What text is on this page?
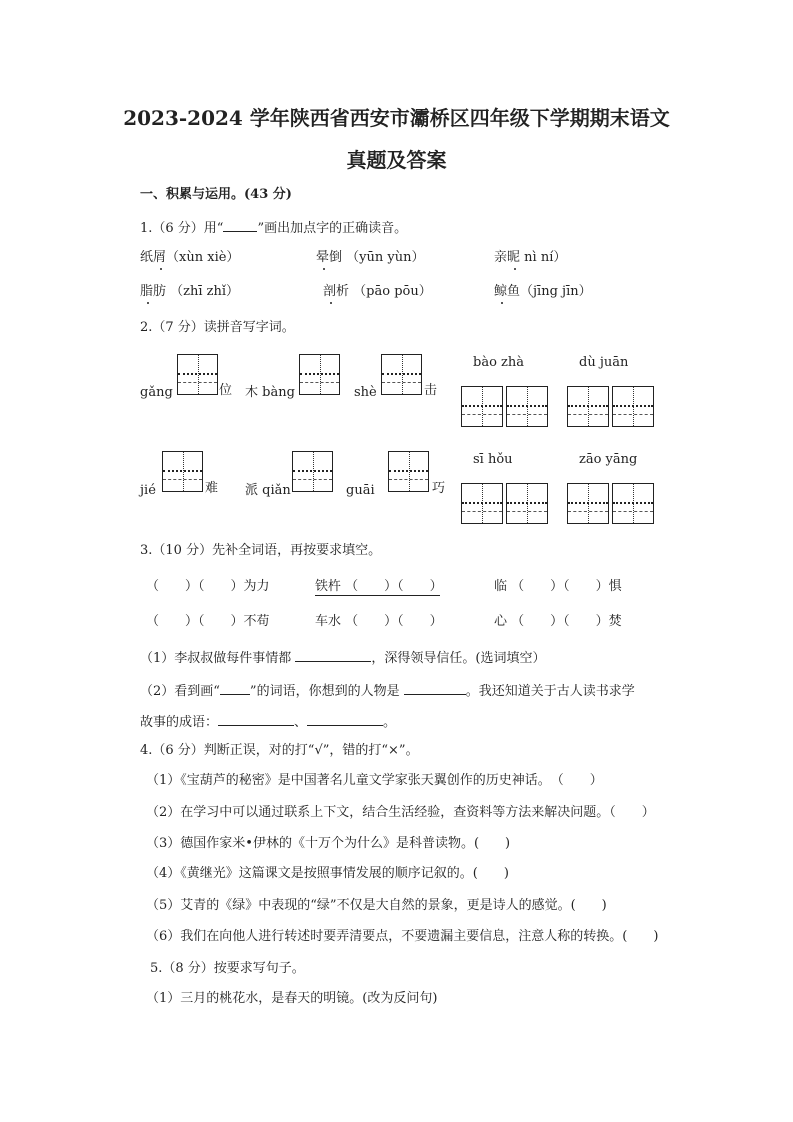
2023-2024 学年陕西省西安市灞桥区四年级下学期期末语文
真题及答案
一、积累与运用。(43 分)
1.（6 分）用“	”画出加点字的正确读音。
纸屑（xùn xiè）	晕倒 （yūn yùn）	亲昵 nì ní）
脂肪 （zhī zhǐ）	剖析 （pāo pōu）	鲸鱼（jīng jīn）
2.（7 分）读拼音写字词。
gǎng	位 木 bàng	shè	击
bào zhà	dù juān
jié	难 派 qiǎn	guāi	巧
sī hǒu	zāo yāng
3.（10 分）先补全词语，再按要求填空。
（　　）（　　）为力	铁杵 （　　）（　　）	临 （　　）（　　）惧
（　　）（　　）不苟	车水 （　　）（　　）	心 （　　）（　　）焚
（1）李叔叔做每件事情都	，深得领导信任。(选词填空）
（2）看到画“ ”的词语，你想到的人物是	。我还知道关于古人读书求学
故事的成语：	、	。
4.（6 分）判断正误，对的打“√”，错的打“×”。
（1）《宝葫芦的秘密》是中国著名儿童文学家张天翼创作的历史神话。　（　　）
（2）在学习中可以通过联系上下文，结合生活经验，查资料等方法来解决问题。（　　）
（3）德国作家米•伊林的《十万个为什么》是科普读物。(　　)
（4）《黄继光》这篇课文是按照事情发展的顺序记叙的。(　　)
（5）艾青的《绿》中表现的“绿”不仅是大自然的景象，更是诗人的感觉。(　　)
（6）我们在向他人进行转述时要弄清要点，不要遗漏主要信息，注意人称的转换。(　　)
5.（8 分）按要求写句子。
（1）三月的桃花水，是春天的明镜。(改为反问句)
